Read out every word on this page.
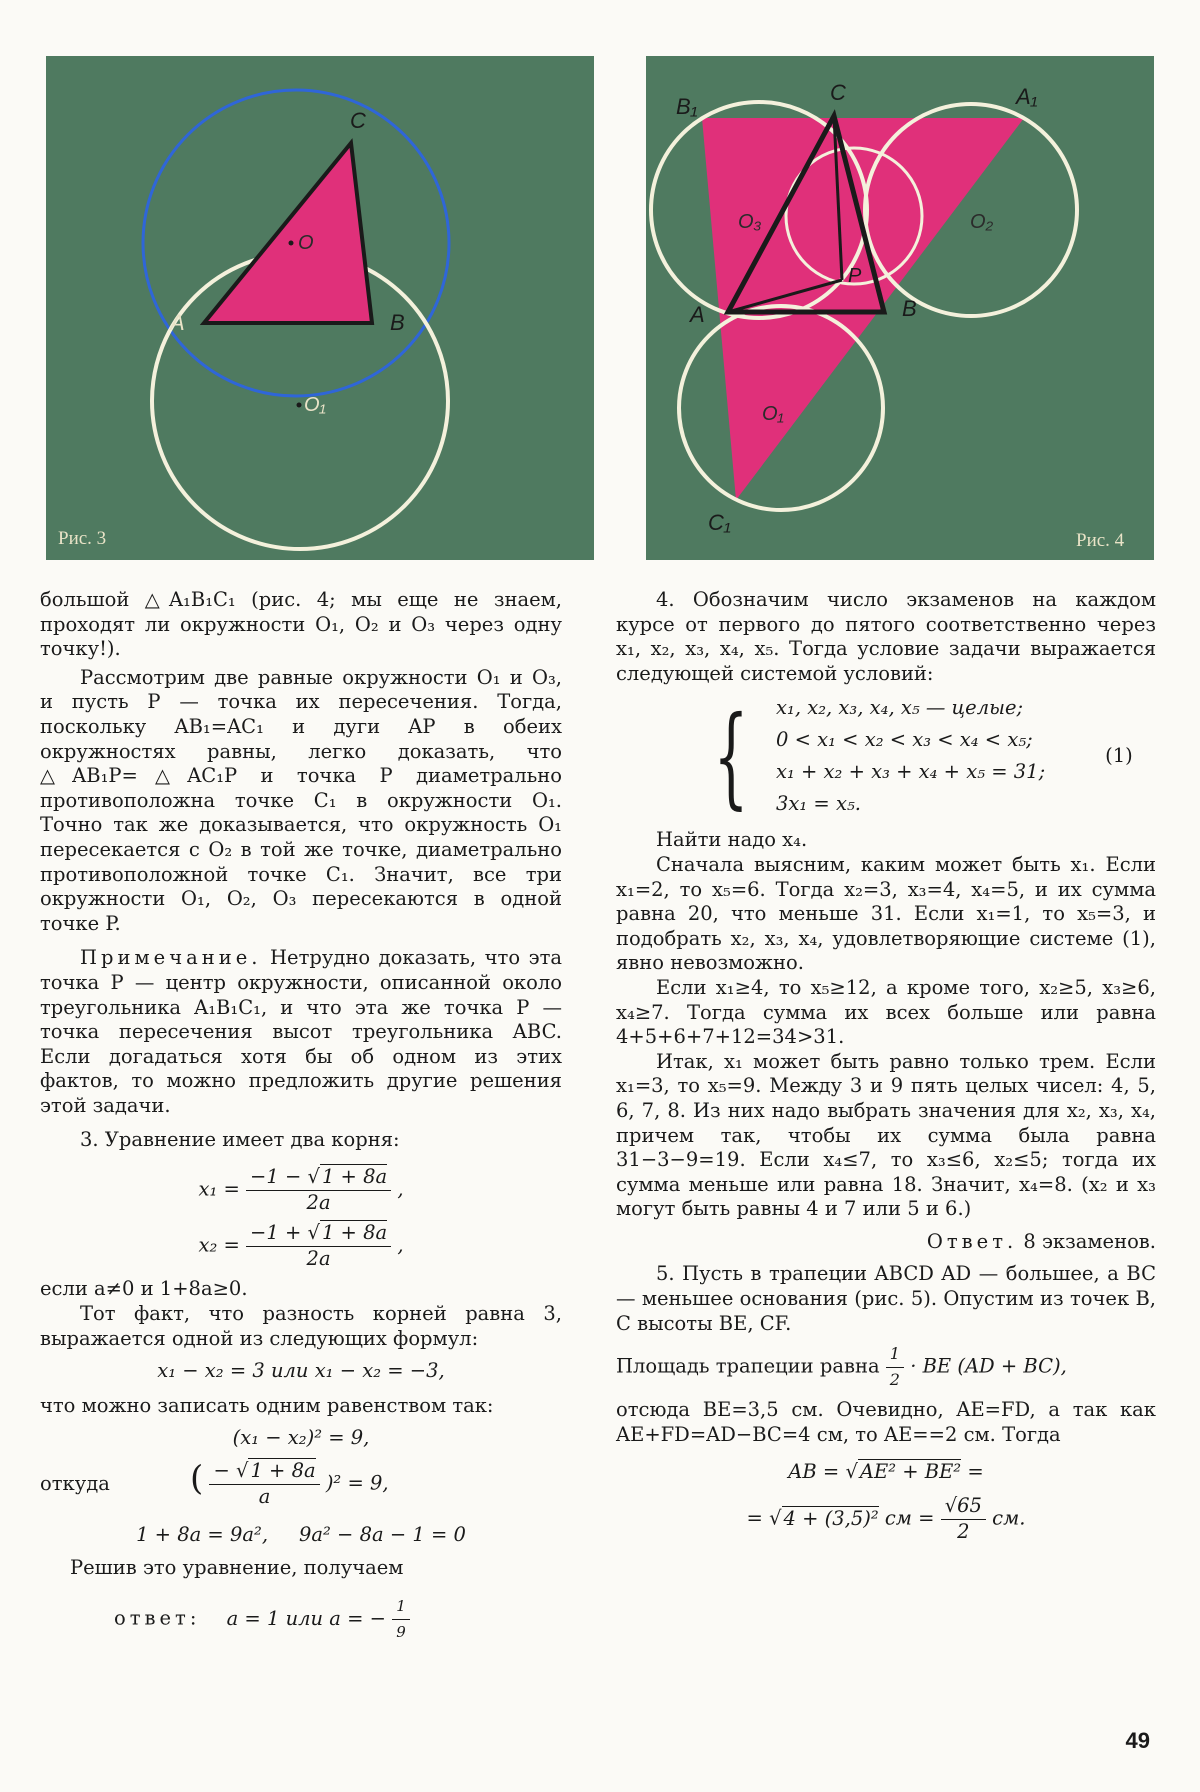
C
O
A	B
O₁
Рис. 3
B₁
C	A₁
O₃	O₂
P
A	B
O₁
C₁
Рис. 4

большой △A₁B₁C₁ (рис. 4; мы еще не знаем, проходят ли окружности O₁, O₂ и O₃ через одну точку!).

Рассмотрим две равные окружности O₁ и O₃, и пусть P — точка их пересечения. Тогда, поскольку AB₁=AC₁ и дуги AP в обеих окружностях равны, легко доказать, что △AB₁P=△AC₁P и точка P диаметрально противоположна точке C₁ в окружности O₁. Точно так же доказывается, что окружность O₁ пересекается с O₂ в той же точке, диаметрально противоположной точке C₁. Значит, все три окружности O₁, O₂, O₃ пересекаются в одной точке P.

Примечание. Нетрудно доказать, что эта точка P — центр окружности, описанной около треугольника A₁B₁C₁, и что эта же точка P — точка пересечения высот треугольника ABC. Если догадаться хотя бы об одном из этих фактов, то можно предложить другие решения этой задачи.

3. Уравнение имеет два корня:

$x_1 = \frac{-1 - √ 1 + 8a}{2a}$ ,
$x_2 = \frac{-1 + √ 1 + 8a}{2a}$ ,

если a≠0 и 1+8a≥0.

Тот факт, что разность корней равна 3, выражается одной из следующих формул:

x₁ − x₂ = 3 или x₁ − x₂ = −3,

что можно записать одним равенством так:

(x₁ − x₂)² = 9,
откуда	( $\frac{- √ 1 + 8a}{a} )^2 = 9$,
1 + 8a = 9a²,     9a² − 8a − 1 = 0

Решив это уравнение, получаем

ответ: a = 1 или a = − $\frac{1}{9}$

4. Обозначим число экзаменов на каждом курсе от первого до пятого соответственно через x₁, x₂, x₃, x₄, x₅. Тогда условие задачи выражается следующей системой условий:

{ x₁, x₂, x₃, x₄, x₅ — целые;
0 < x₁ < x₂ < x₃ < x₄ < x₅;
x₁ + x₂ + x₃ + x₄ + x₅ = 31;
3x₁ = x₅.
(1)

Найти надо x₄.

Сначала выясним, каким может быть x₁. Если x₁=2, то x₅=6. Тогда x₂=3, x₃=4, x₄=5, и их сумма равна 20, что меньше 31. Если x₁=1, то x₅=3, и подобрать x₂, x₃, x₄, удовлетворяющие системе (1), явно невозможно.

Если x₁≥4, то x₅≥12, а кроме того, x₂≥5, x₃≥6, x₄≥7. Тогда сумма их всех больше или равна 4+5+6+7+12=34>31.

Итак, x₁ может быть равно только трем. Если x₁=3, то x₅=9. Между 3 и 9 пять целых чисел: 4, 5, 6, 7, 8. Из них надо выбрать значения для x₂, x₃, x₄, причем так, чтобы их сумма была равна 31−3−9=19. Если x₄≤7, то x₃≤6, x₂≤5; тогда их сумма меньше или равна 18. Значит, x₄=8. (x₂ и x₃ могут быть равны 4 и 7 или 5 и 6.)

Ответ. 8 экзаменов.

5. Пусть в трапеции ABCD AD — большее, а BC — меньшее основания (рис. 5). Опустим из точек B, C высоты BE, CF.

Площадь трапеции равна $\frac{1}{2}$ · BE (AD + BC),

отсюда BE=3,5 см. Очевидно, AE=FD, а так как AE+FD=AD−BC=4 см, то AE==2 см. Тогда

AB = √ AE² + BE² =
= √ 4 + (3,5)² см = $\frac{√65}{2}$ см.
49
